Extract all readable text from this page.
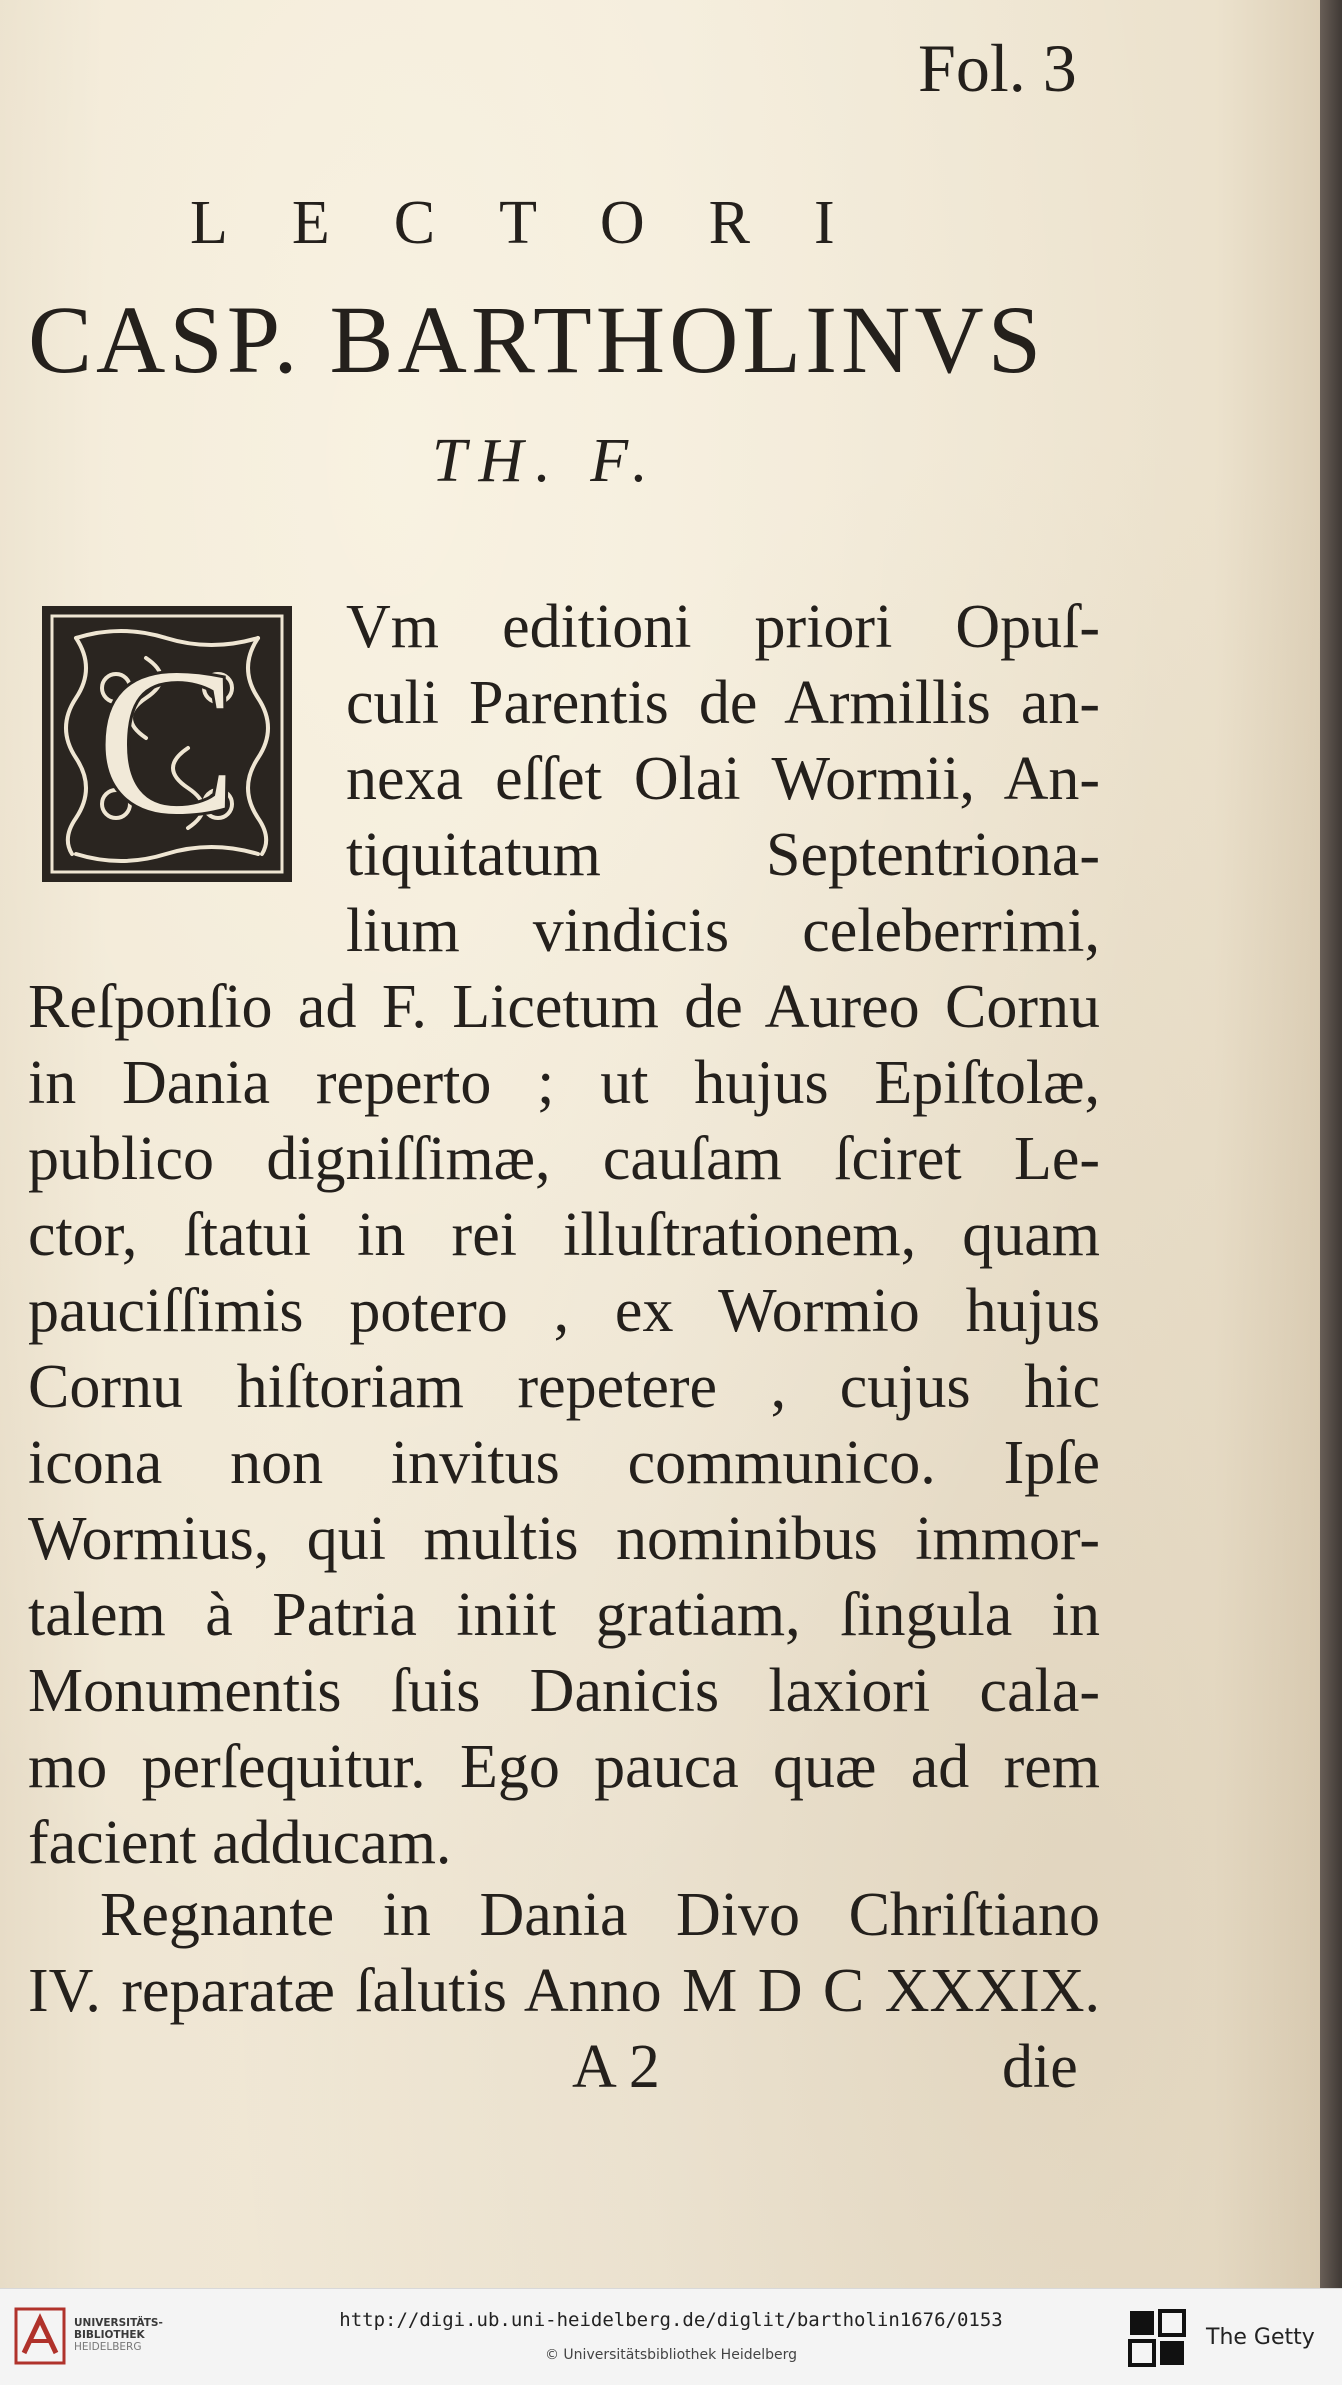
Fol. 3

LECTORI

CASP. BARTHOLINVS

TH. F.

C Vm editioni priori Opuſ-

culi Parentis de Armillis an-

nexa eſſet Olai Wormii, An-

tiquitatum Septentriona-

lium vindicis celeberrimi,

Reſponſio ad F. Licetum de Aureo Cornu

in Dania reperto ; ut hujus Epiſtolæ,

publico digniſſimæ, cauſam ſciret Le-

ctor, ſtatui in rei illuſtrationem, quam

pauciſſimis potero , ex Wormio hujus

Cornu hiſtoriam repetere , cujus hic

icona non invitus communico. Ipſe

Wormius, qui multis nominibus immor-

talem à Patria iniit gratiam, ſingula in

Monumentis ſuis Danicis laxiori cala-

mo perſequitur. Ego pauca quæ ad rem

facient adducam.

Regnante in Dania Divo Chriſtiano

IV. reparatæ ſalutis Anno M D C XXXIX.

A 2	die

UNIVERSITÄTS-
BIBLIOTHEK
HEIDELBERG
http://digi.ub.uni-heidelberg.de/diglit/bartholin1676/0153
© Universitätsbibliothek Heidelberg
The Getty
